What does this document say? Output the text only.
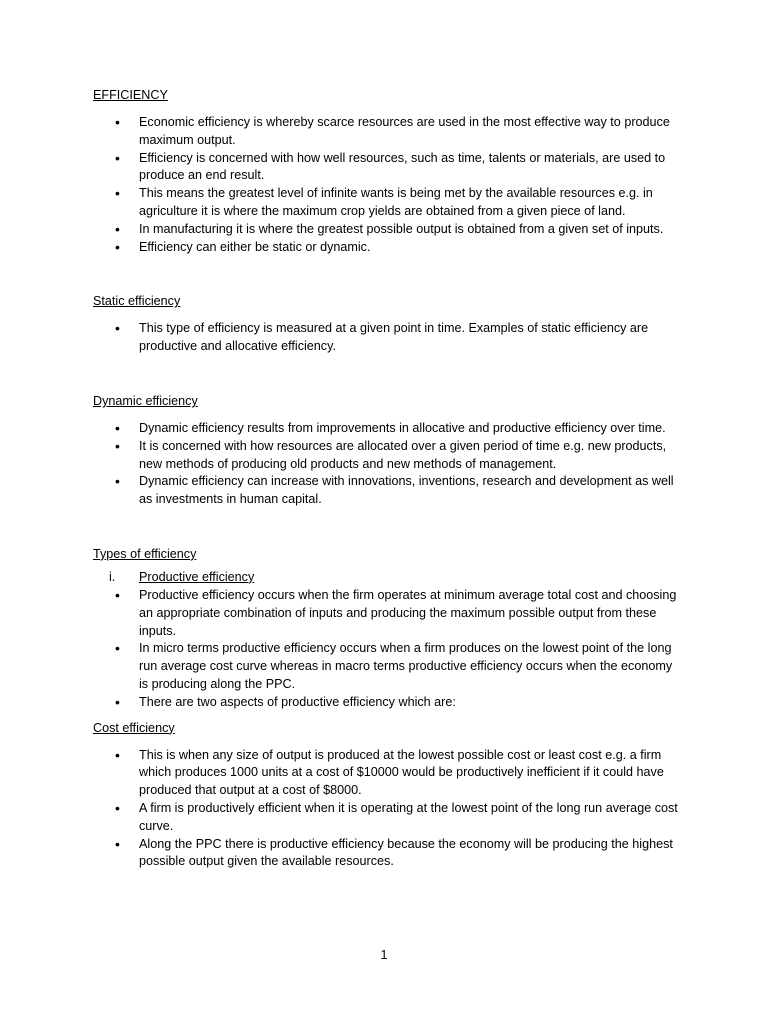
EFFICIENCY
• Economic efficiency is whereby scarce resources are used in the most effective way to produce maximum output.
• Efficiency is concerned with how well resources, such as time, talents or materials, are used to produce an end result.
• This means the greatest level of infinite wants is being met by the available resources e.g. in agriculture it is where the maximum crop yields are obtained from a given piece of land.
• In manufacturing it is where the greatest possible output is obtained from a given set of inputs.
• Efficiency can either be static or dynamic.
Static efficiency
• This type of efficiency is measured at a given point in time. Examples of static efficiency are productive and allocative efficiency.
Dynamic efficiency
• Dynamic efficiency results from improvements in allocative and productive efficiency over time.
• It is concerned with how resources are allocated over a given period of time e.g. new products, new methods of producing old products and new methods of management.
• Dynamic efficiency can increase with innovations, inventions, research and development as well as investments in human capital.
Types of efficiency
i. Productive efficiency
• Productive efficiency occurs when the firm operates at minimum average total cost and choosing an appropriate combination of inputs and producing the maximum possible output from these inputs.
• In micro terms productive efficiency occurs when a firm produces on the lowest point of the long run average cost curve whereas in macro terms productive efficiency occurs when the economy is producing along the PPC.
• There are two aspects of productive efficiency which are:
Cost efficiency
• This is when any size of output is produced at the lowest possible cost or least cost e.g. a firm which produces 1000 units at a cost of $10000 would be productively inefficient if it could have produced that output at a cost of $8000.
• A firm is productively efficient when it is operating at the lowest point of the long run average cost curve.
• Along the PPC there is productive efficiency because the economy will be producing the highest possible output given the available resources.
1
